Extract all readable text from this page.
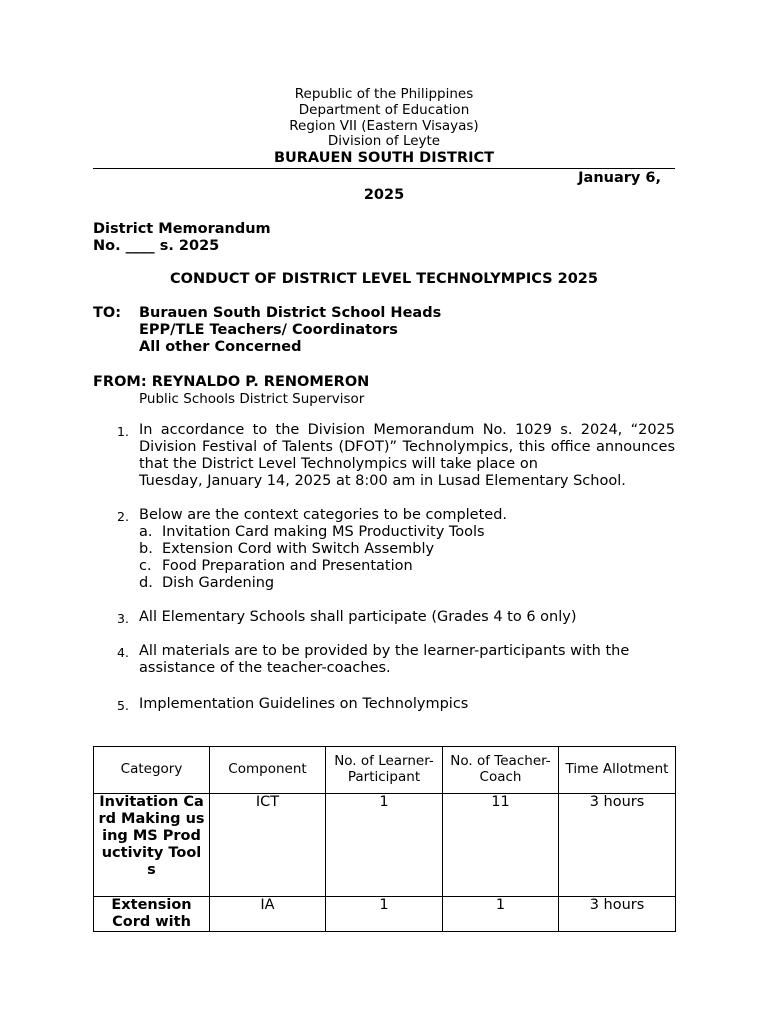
Republic of the Philippines
Department of Education
Region VII (Eastern Visayas)
Division of Leyte
BURAUEN SOUTH DISTRICT
January 6,
2025
District Memorandum
No. ____ s. 2025
CONDUCT OF DISTRICT LEVEL TECHNOLYMPICS 2025
TO: Burauen South District School Heads
EPP/TLE Teachers/ Coordinators
All other Concerned
FROM: REYNALDO P. RENOMERON
Public Schools District Supervisor
1. In accordance to the Division Memorandum No. 1029 s. 2024, “2025 Division Festival of Talents (DFOT)” Technolympics, this office announces that the District Level Technolympics will take place on
Tuesday, January 14, 2025 at 8:00 am in Lusad Elementary School.
2. Below are the context categories to be completed.
a. Invitation Card making MS Productivity Tools
b. Extension Cord with Switch Assembly
c. Food Preparation and Presentation
d. Dish Gardening
3. All Elementary Schools shall participate (Grades 4 to 6 only)
4. All materials are to be provided by the learner-participants with the
assistance of the teacher-coaches.
5. Implementation Guidelines on Technolympics
Category	Component	No. of Learner-Participant	No. of Teacher-Coach	Time Allotment
Invitation Card Making using MS Productivity Tools	ICT	1	11	3 hours
Extension Cord with	IA	1	1	3 hours
